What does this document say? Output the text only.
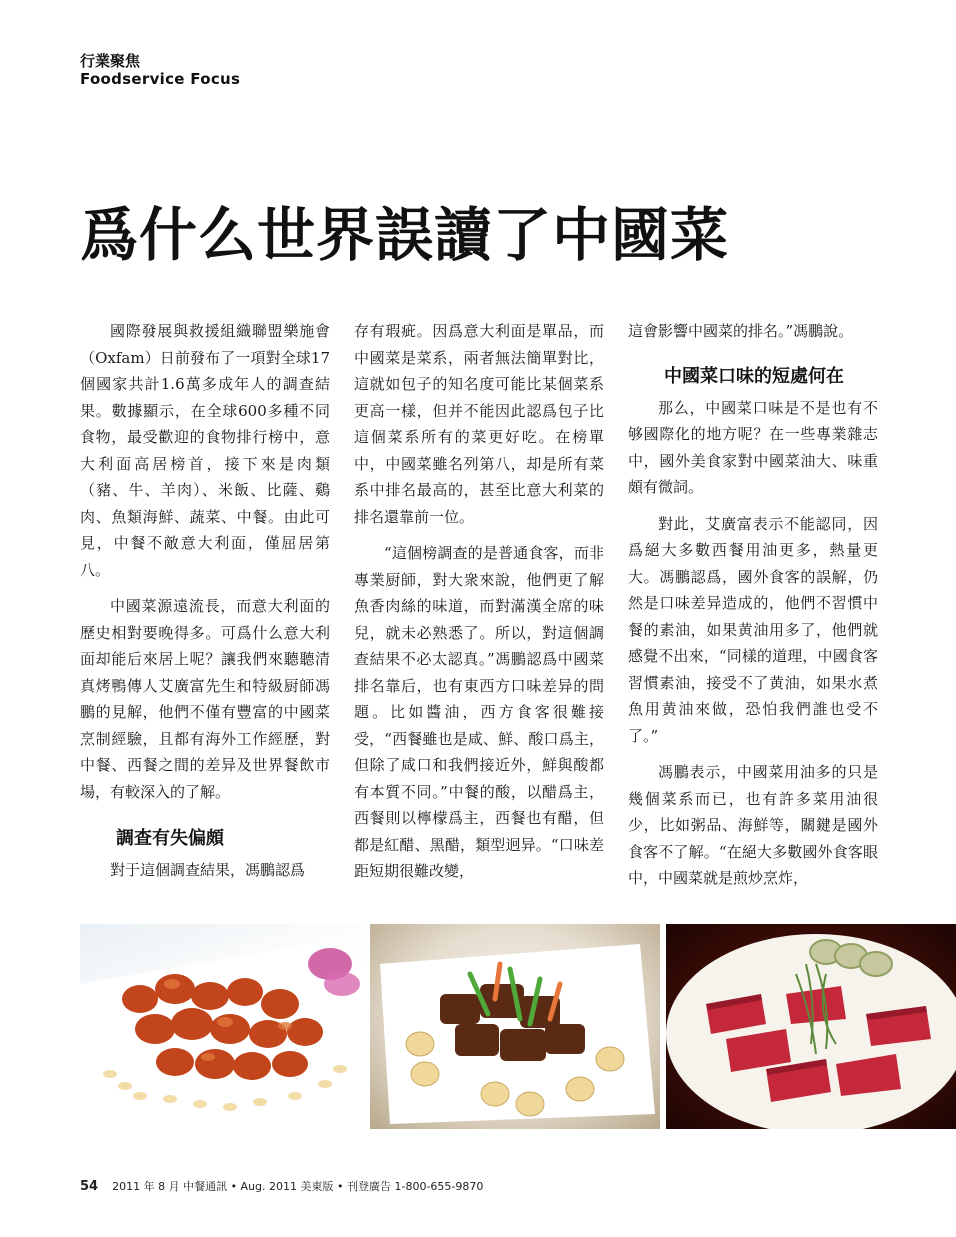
行業聚焦
Foodservice Focus
爲什么世界誤讀了中國菜

國際發展與救援組織聯盟樂施會（Oxfam）日前發布了一項對全球17個國家共計1.6萬多成年人的調查結果。數據顯示，在全球600多種不同食物，最受歡迎的食物排行榜中，意大利面高居榜首，接下來是肉類（豬、牛、羊肉）、米飯、比薩、鷄肉、魚類海鮮、蔬菜、中餐。由此可見，中餐不敵意大利面，僅屈居第八。

中國菜源遠流長，而意大利面的歷史相對要晚得多。可爲什么意大利面却能后來居上呢？讓我們來聽聽清真烤鴨傳人艾廣富先生和特級厨師馮鵬的見解，他們不僅有豐富的中國菜烹制經驗，且都有海外工作經歷，對中餐、西餐之間的差异及世界餐飲市場，有較深入的了解。

調查有失偏頗

對于這個調查結果，馮鵬認爲

存有瑕疵。因爲意大利面是單品，而中國菜是菜系，兩者無法簡單對比，這就如包子的知名度可能比某個菜系更高一樣，但并不能因此認爲包子比這個菜系所有的菜更好吃。在榜單中，中國菜雖名列第八，却是所有菜系中排名最高的，甚至比意大利菜的排名還靠前一位。

“這個榜調查的是普通食客，而非專業厨師，對大衆來說，他們更了解魚香肉絲的味道，而對滿漢全席的味兒，就未必熟悉了。所以，對這個調查結果不必太認真。”馮鵬認爲中國菜排名靠后，也有東西方口味差异的問題。比如醬油，西方食客很難接受，“西餐雖也是咸、鮮、酸口爲主，但除了咸口和我們接近外，鮮與酸都有本質不同。”中餐的酸，以醋爲主，西餐則以檸檬爲主，西餐也有醋，但都是紅醋、黑醋，類型迥异。“口味差距短期很難改變，

這會影響中國菜的排名。”馮鵬說。

中國菜口味的短處何在

那么，中國菜口味是不是也有不够國際化的地方呢？在一些專業雜志中，國外美食家對中國菜油大、味重頗有微詞。

對此，艾廣富表示不能認同，因爲絕大多數西餐用油更多，熱量更大。馮鵬認爲，國外食客的誤解，仍然是口味差异造成的，他們不習慣中餐的素油，如果黄油用多了，他們就感覺不出來，“同樣的道理，中國食客習慣素油，接受不了黄油，如果水煮魚用黄油來做，恐怕我們誰也受不了。”

馮鵬表示，中國菜用油多的只是幾個菜系而已，也有許多菜用油很少，比如粥品、海鮮等，關鍵是國外食客不了解。“在絕大多數國外食客眼中，中國菜就是煎炒烹炸，

54 2011 年 8 月 中餐通訊 • Aug. 2011 美東版 • 刊登廣告 1-800-655-9870
